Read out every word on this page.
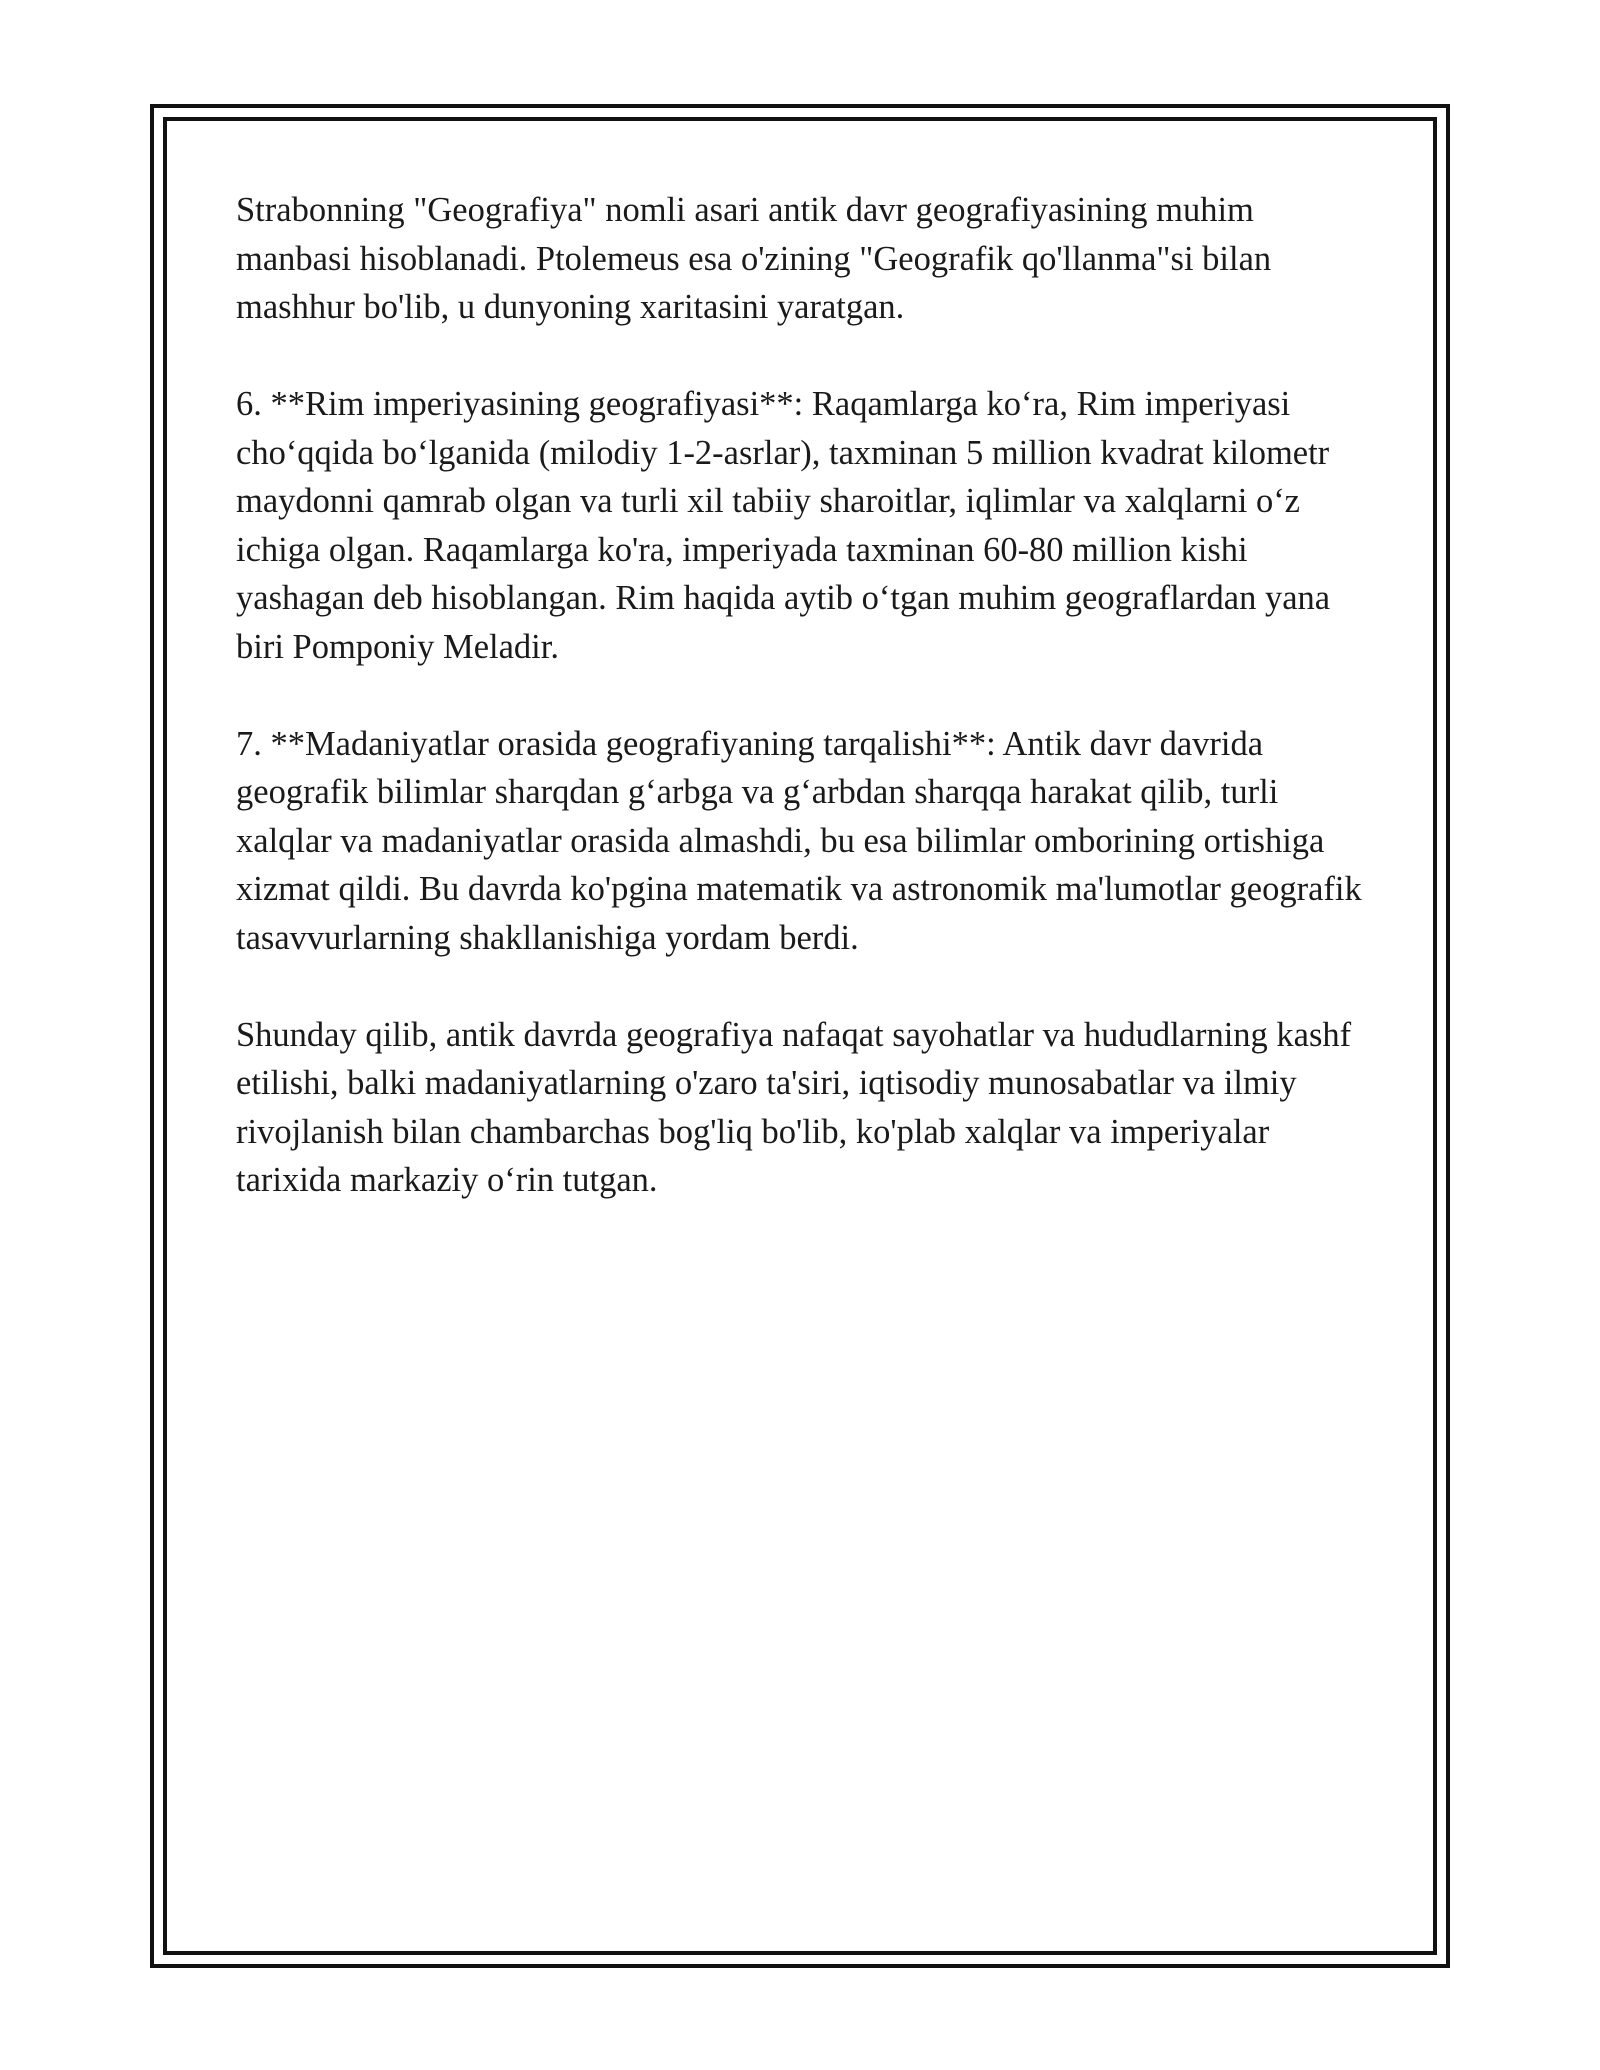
Strabonning "Geografiya" nomli asari antik davr geografiyasining muhim manbasi hisoblanadi. Ptolemeus esa o'zining "Geografik qo'llanma"si bilan mashhur bo'lib, u dunyoning xaritasini yaratgan.

6. **Rim imperiyasining geografiyasi**: Raqamlarga ko‘ra, Rim imperiyasi cho‘qqida bo‘lganida (milodiy 1-2-asrlar), taxminan 5 million kvadrat kilometr maydonni qamrab olgan va turli xil tabiiy sharoitlar, iqlimlar va xalqlarni o‘z ichiga olgan. Raqamlarga ko'ra, imperiyada taxminan 60-80 million kishi yashagan deb hisoblangan. Rim haqida aytib o‘tgan muhim geograflardan yana biri Pomponiy Meladir.

7. **Madaniyatlar orasida geografiyaning tarqalishi**: Antik davr davrida geografik bilimlar sharqdan g‘arbga va g‘arbdan sharqqa harakat qilib, turli xalqlar va madaniyatlar orasida almashdi, bu esa bilimlar omborining ortishiga xizmat qildi. Bu davrda ko'pgina matematik va astronomik ma'lumotlar geografik tasavvurlarning shakllanishiga yordam berdi.

Shunday qilib, antik davrda geografiya nafaqat sayohatlar va hududlarning kashf etilishi, balki madaniyatlarning o'zaro ta'siri, iqtisodiy munosabatlar va ilmiy rivojlanish bilan chambarchas bog'liq bo'lib, ko'plab xalqlar va imperiyalar tarixida markaziy o‘rin tutgan.
